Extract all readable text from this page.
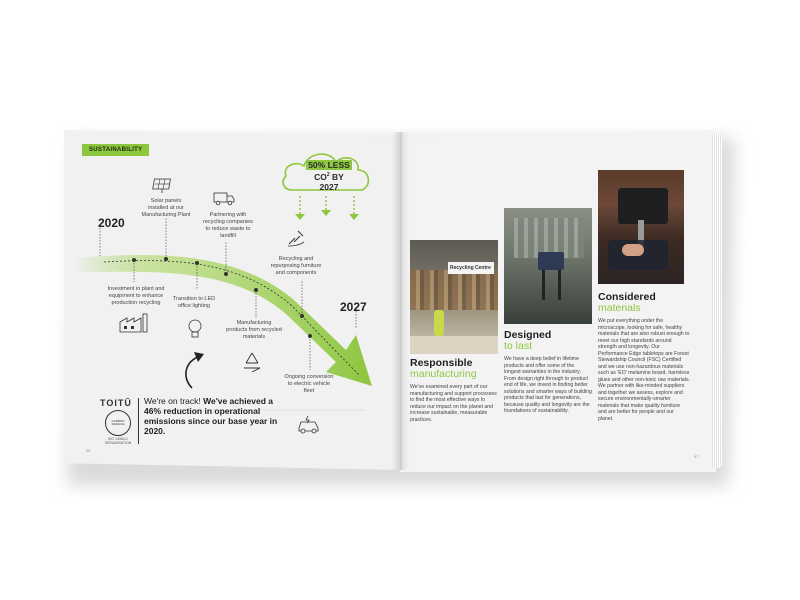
SUSTAINABILITY
50% LESS
$CO^2$ BY
2027
2020
2027
Solar panels installed at our Manufacturing Plant	Partnering with recycling companies to reduce waste to landfill
Recycling and repurposing furniture and components
Investment in plant and equipment to enhance production recycling
Transition to LED office lighting
Manufacturing products from recycled materials
Ongoing conversion to electric vehicle fleet
TOITŪ
CARBON REDUCE
ISO 14064-1 ORGANISATION
We're on track! We've achieved a 46% reduction in operational emissions since our base year in 2020.
56
Recycling Centre
Responsible
manufacturing
We've examined every part of our manufacturing and support processes to find the most effective ways to reduce our impact on the planet and increase sustainable, measurable practices.
Designed
to last
We have a deep belief in lifetime products and offer some of the longest warranties in the industry. From design right through to product end of life, we invest in finding better solutions and smarter ways of building products that last for generations, because quality and longevity are the foundations of sustainability.
Considered
materials
We put everything under the microscope, looking for safe, healthy materials that are also robust enough to meet our high standards around strength and longevity. Our Performance Edge tabletops are Forest Stewardship Council (FSC) Certified and we use non-hazardous materials such as 'EO' melamine board, harmless glues and other non-toxic raw materials. We partner with like-minded suppliers and together we assess, explore and secure environmentally-smarter materials that make quality furniture and are better for people and our planet.
57
